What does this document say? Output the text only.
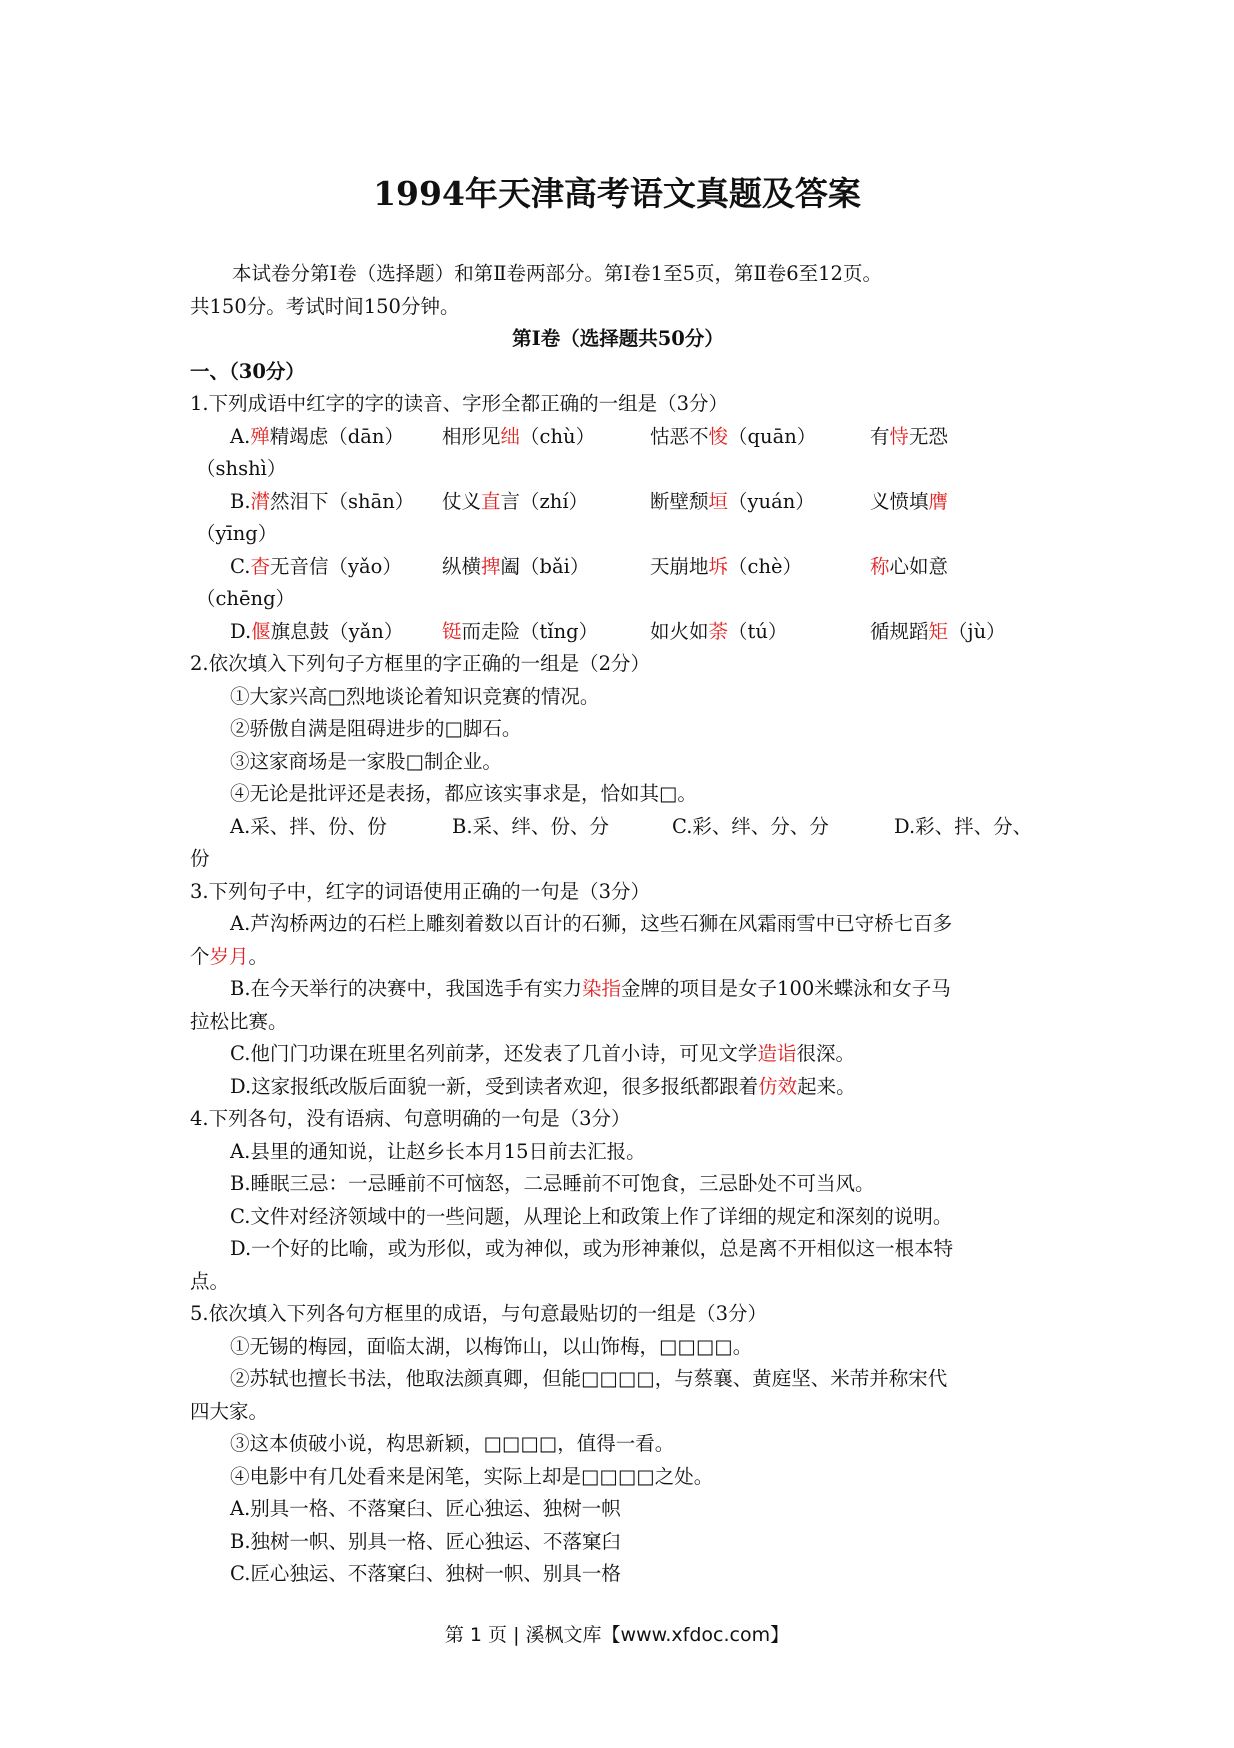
1994年天津高考语文真题及答案

本试卷分第Ⅰ卷（选择题）和第Ⅱ卷两部分。第Ⅰ卷1至5页，第Ⅱ卷6至12页。

共150分。考试时间150分钟。

第Ⅰ卷（选择题共50分）

一、（30分）

1.下列成语中红字的字的读音、字形全都正确的一组是（3分）

A.殚精竭虑（dān）	相形见绌（chù）	怙恶不悛（quān）	有恃无恐

（shshì）

B.潸然泪下（shān）	仗义直言（zhí）	断壁颓垣（yuán）	义愤填膺

（yīng）

C.杳无音信（yǎo）	纵横捭阖（bǎi）	天崩地坼（chè）	称心如意

（chēng）

D.偃旗息鼓（yǎn）	铤而走险（tǐng）	如火如荼（tú）	循规蹈矩（jù）

2.依次填入下列句子方框里的字正确的一组是（2分）

①大家兴高□烈地谈论着知识竞赛的情况。

②骄傲自满是阻碍进步的□脚石。

③这家商场是一家股□制企业。

④无论是批评还是表扬，都应该实事求是，恰如其□。

A.采、拌、份、份	B.采、绊、份、分	C.彩、绊、分、分	D.彩、拌、分、

份

3.下列句子中，红字的词语使用正确的一句是（3分）

A.芦沟桥两边的石栏上雕刻着数以百计的石狮，这些石狮在风霜雨雪中已守桥七百多

个岁月。

B.在今天举行的决赛中，我国选手有实力染指金牌的项目是女子100米蝶泳和女子马

拉松比赛。

C.他门门功课在班里名列前茅，还发表了几首小诗，可见文学造诣很深。

D.这家报纸改版后面貌一新，受到读者欢迎，很多报纸都跟着仿效起来。

4.下列各句，没有语病、句意明确的一句是（3分）

A.县里的通知说，让赵乡长本月15日前去汇报。

B.睡眠三忌：一忌睡前不可恼怒，二忌睡前不可饱食，三忌卧处不可当风。

C.文件对经济领域中的一些问题，从理论上和政策上作了详细的规定和深刻的说明。

D.一个好的比喻，或为形似，或为神似，或为形神兼似，总是离不开相似这一根本特

点。

5.依次填入下列各句方框里的成语，与句意最贴切的一组是（3分）

①无锡的梅园，面临太湖，以梅饰山，以山饰梅，□□□□。

②苏轼也擅长书法，他取法颜真卿，但能□□□□，与蔡襄、黄庭坚、米芾并称宋代

四大家。

③这本侦破小说，构思新颖，□□□□，值得一看。

④电影中有几处看来是闲笔，实际上却是□□□□之处。

A.别具一格、不落窠臼、匠心独运、独树一帜

B.独树一帜、别具一格、匠心独运、不落窠臼

C.匠心独运、不落窠臼、独树一帜、别具一格

第 1 页 | 溪枫文库【www.xfdoc.com】
